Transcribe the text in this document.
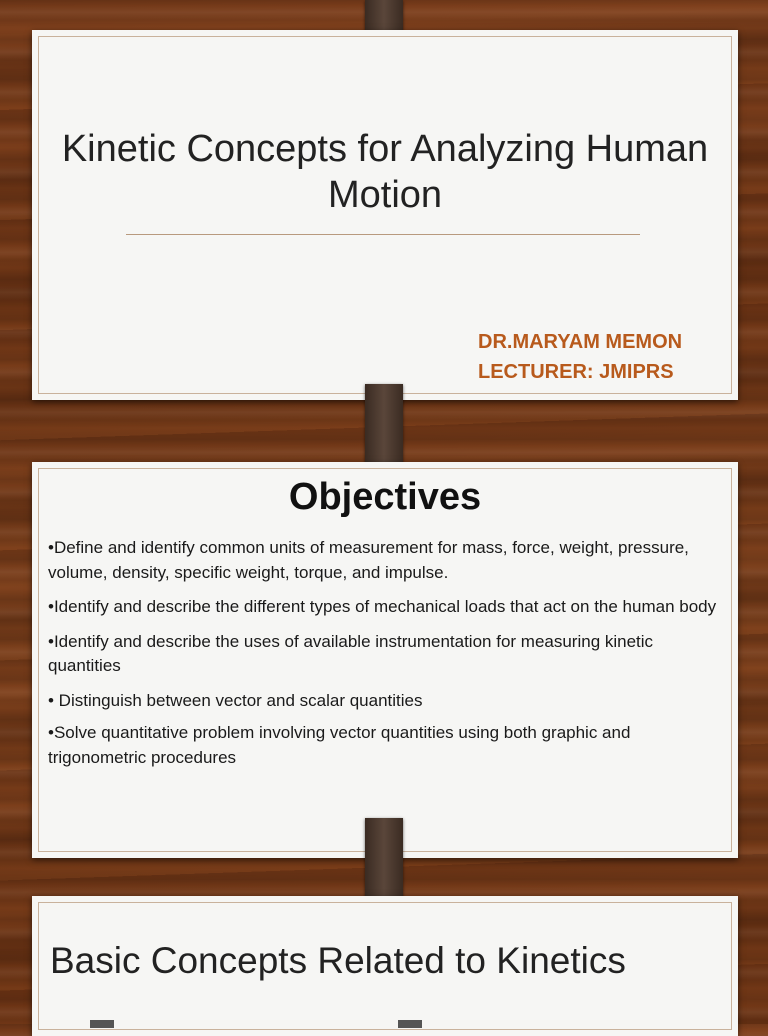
Kinetic Concepts for Analyzing Human Motion
DR.MARYAM MEMON
LECTURER: JMIPRS
Objectives
•Define and identify common units of measurement for mass, force, weight, pressure, volume, density, specific weight, torque, and impulse.
•Identify and describe the different types of mechanical loads that act on the human body
•Identify and describe the uses of available instrumentation for measuring kinetic quantities
• Distinguish between vector and scalar quantities
•Solve quantitative problem involving vector quantities using both graphic and trigonometric procedures
Basic Concepts Related to Kinetics
